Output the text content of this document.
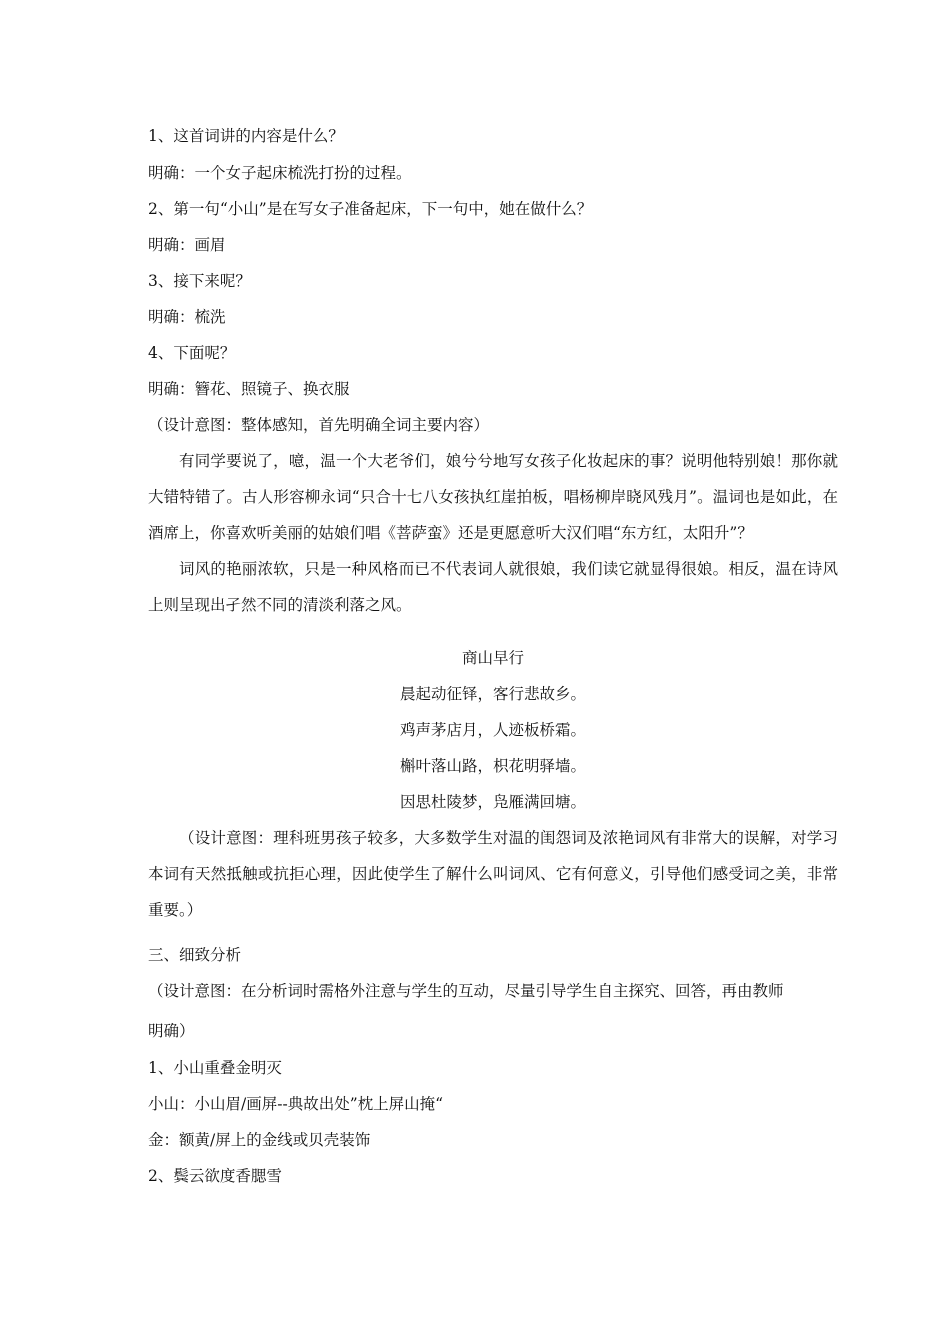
1、这首词讲的内容是什么？
明确：一个女子起床梳洗打扮的过程。
2、第一句“小山”是在写女子准备起床，下一句中，她在做什么？
明确：画眉
3、接下来呢？
明确：梳洗
4、下面呢？
明确：簪花、照镜子、换衣服
（设计意图：整体感知，首先明确全词主要内容）

有同学要说了，噫，温一个大老爷们，娘兮兮地写女孩子化妆起床的事？说明他特别娘！那你就大错特错了。古人形容柳永词“只合十七八女孩执红崖拍板，唱杨柳岸晓风残月”。温词也是如此，在酒席上，你喜欢听美丽的姑娘们唱《菩萨蛮》还是更愿意听大汉们唱“东方红，太阳升”？

词风的艳丽浓软，只是一种风格而已不代表词人就很娘，我们读它就显得很娘。相反，温在诗风上则呈现出孑然不同的清淡利落之风。

商山早行
晨起动征铎，客行悲故乡。
鸡声茅店月，人迹板桥霜。
槲叶落山路，枳花明驿墙。
因思杜陵梦，凫雁满回塘。

（设计意图：理科班男孩子较多，大多数学生对温的闺怨词及浓艳词风有非常大的误解，对学习本词有天然抵触或抗拒心理，因此使学生了解什么叫词风、它有何意义，引导他们感受词之美，非常重要。）

三、细致分析
（设计意图：在分析词时需格外注意与学生的互动，尽量引导学生自主探究、回答，再由教师
明确）
1、小山重叠金明灭
小山：小山眉/画屏--典故出处”枕上屏山掩“
金：额黄/屏上的金线或贝壳装饰
2、鬓云欲度香腮雪
